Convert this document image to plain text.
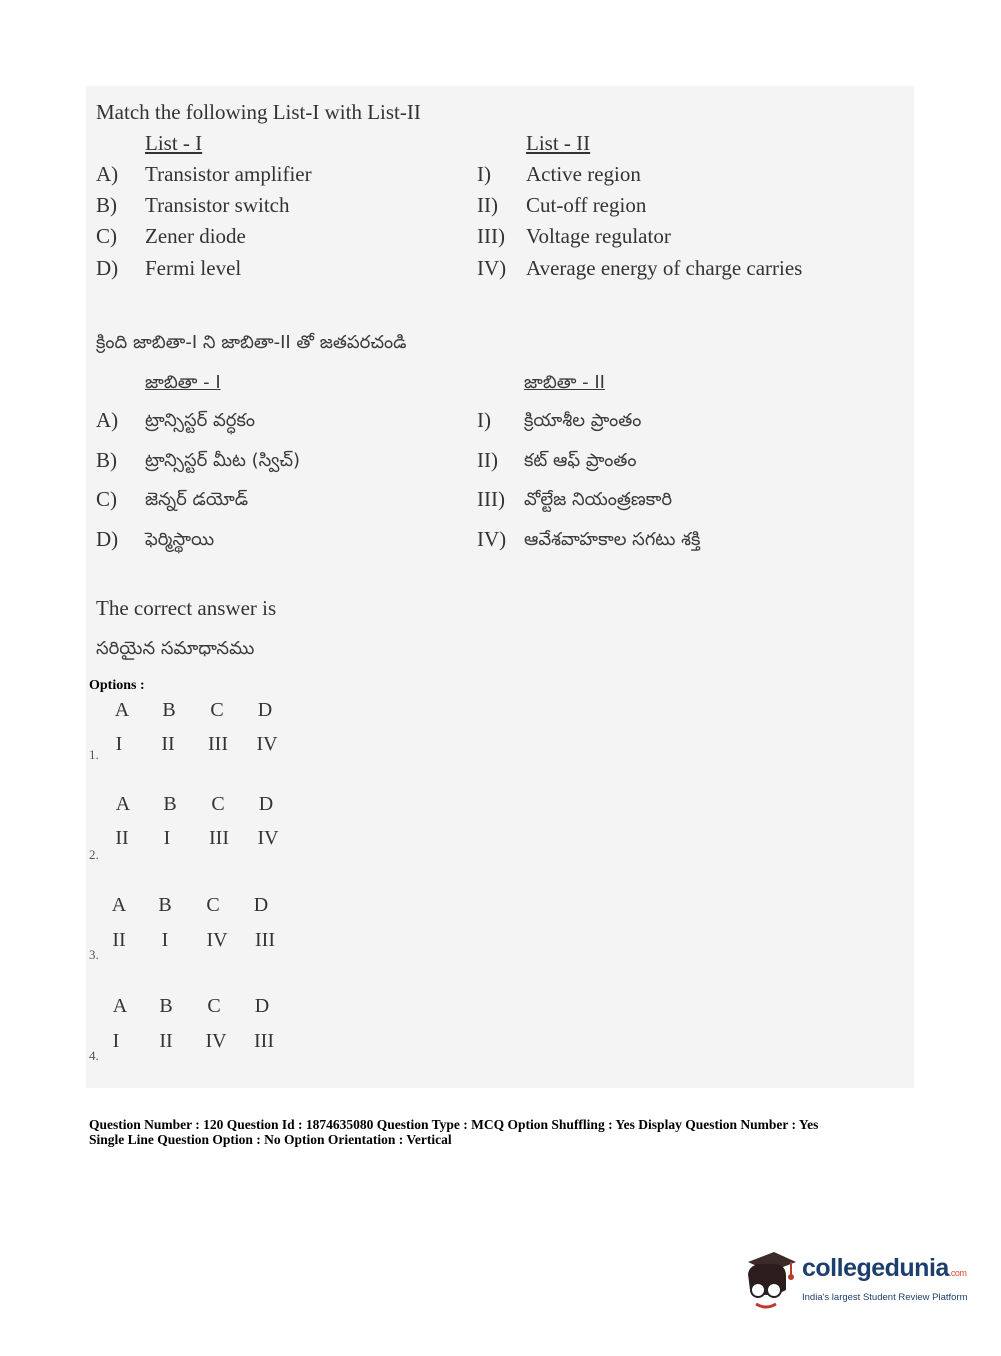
Match the following List-I with List-II
List - I	List - II
A) Transistor amplifier	I) Active region
B) Transistor switch	II) Cut-off region
C) Zener diode	III) Voltage regulator
D) Fermi level	IV) Average energy of charge carries
క్రింది జాబితా-I ని జాబితా-II తో జతపరచండి
జాబితా - I	జాబితా - II
A) ట్రాన్సిస్టర్ వర్ధకం	I) క్రియాశీల ప్రాంతం
B) ట్రాన్సిస్టర్ మీట (స్విచ్)	II) కట్ ఆఫ్ ప్రాంతం
C) జెన్నర్ డయోడ్	III) వోల్టేజ నియంత్రణకారి
D) ఫెర్మిస్థాయి	IV) ఆవేశవాహకాల సగటు శక్తి
The correct answer is
సరియైన సమాధానము
Options :
A	B	C	D
I	II	III IV
1.
A	B	C	D
II	I	III IV
2.
A	B	C	D
II	I	IV III
3.
A	B	C	D
I	II	IV III
4.
Question Number : 120 Question Id : 1874635080 Question Type : MCQ Option Shuffling : Yes Display Question Number : Yes
Single Line Question Option : No Option Orientation : Vertical
collegedunia.com
India's largest Student Review Platform
